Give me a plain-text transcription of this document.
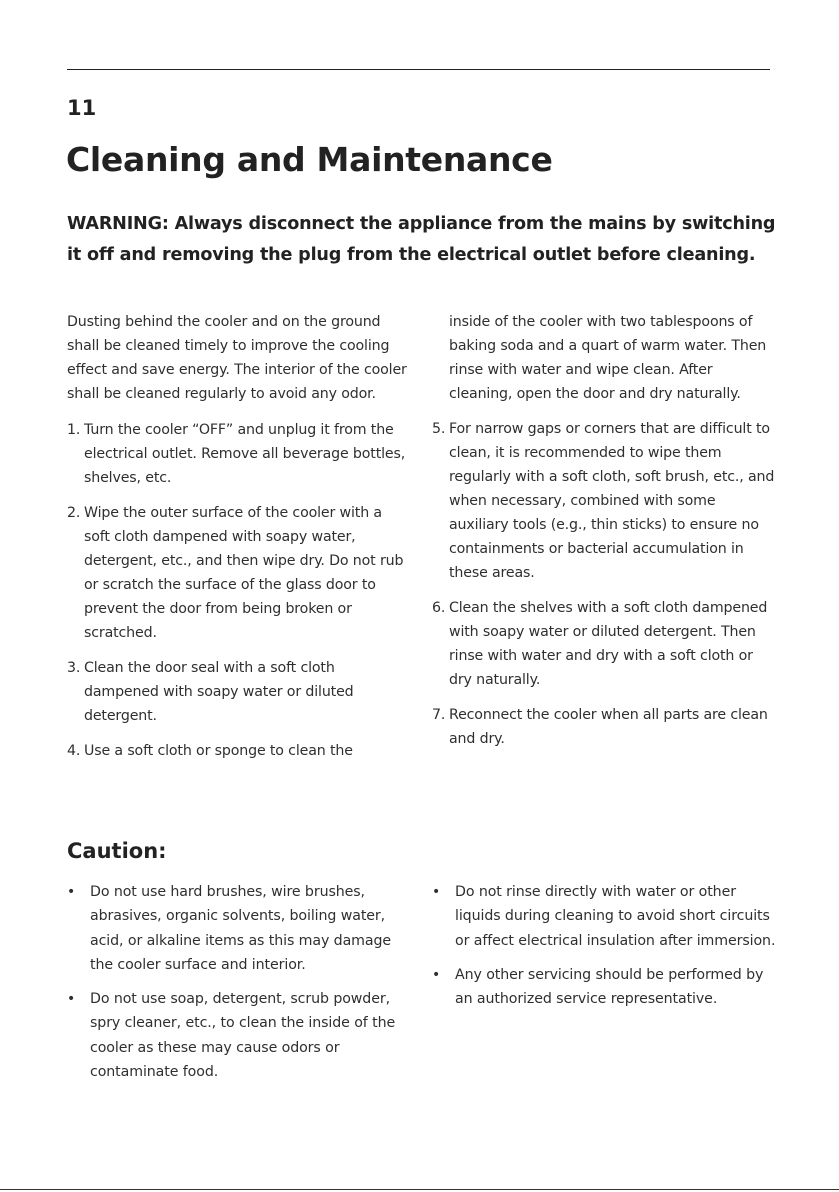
11
Cleaning and Maintenance

WARNING: Always disconnect the appliance from the mains by switching it off and removing the plug from the electrical outlet before cleaning.

Dusting behind the cooler and on the ground shall be cleaned timely to improve the cooling effect and save energy. The interior of the cooler shall be cleaned regularly to avoid any odor.

1. Turn the cooler “OFF” and unplug it from the electrical outlet. Remove all beverage bottles, shelves, etc.
2. Wipe the outer surface of the cooler with a soft cloth dampened with soapy water, detergent, etc., and then wipe dry. Do not rub or scratch the surface of the glass door to prevent the door from being broken or scratched.
3. Clean the door seal with a soft cloth dampened with soapy water or diluted detergent.
4. Use a soft cloth or sponge to clean the

inside of the cooler with two tablespoons of baking soda and a quart of warm water. Then rinse with water and wipe clean. After cleaning, open the door and dry naturally.

5. For narrow gaps or corners that are difficult to clean, it is recommended to wipe them regularly with a soft cloth, soft brush, etc., and when necessary, combined with some auxiliary tools (e.g., thin sticks) to ensure no containments or bacterial accumulation in these areas.
6. Clean the shelves with a soft cloth dampened with soapy water or diluted detergent. Then rinse with water and dry with a soft cloth or dry naturally.
7. Reconnect the cooler when all parts are clean and dry.
Caution:
•	Do not use hard brushes, wire brushes, abrasives, organic solvents, boiling water, acid, or alkaline items as this may damage the cooler surface and interior.
•	Do not use soap, detergent, scrub powder, spry cleaner, etc., to clean the inside of the cooler as these may cause odors or contaminate food.
•	Do not rinse directly with water or other liquids during cleaning to avoid short circuits or affect electrical insulation after immersion.
•	Any other servicing should be performed by an authorized service representative.
